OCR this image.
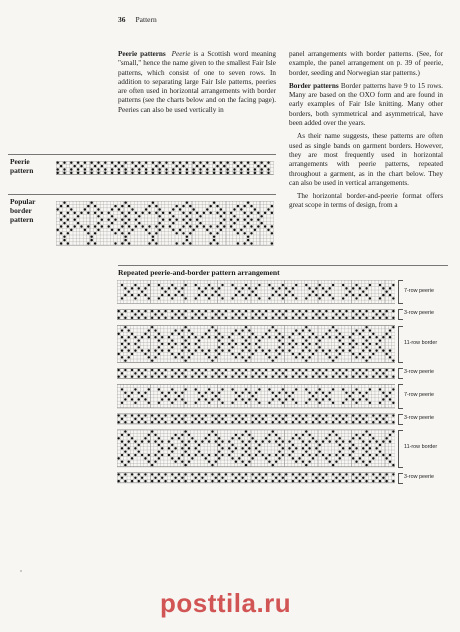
36 Pattern

Peerie patterns Peerie is a Scottish word meaning "small," hence the name given to the smallest Fair Isle patterns, which consist of one to seven rows. In addition to separating large Fair Isle patterns, peeries are often used in horizontal arrangements with border patterns (see the charts below and on the facing page). Peeries can also be used vertically in

panel arrangements with border patterns. (See, for example, the panel arrangement on p. 39 of peerie, border, seeding and Norwegian star patterns.)

Border patterns Border patterns have 9 to 15 rows. Many are based on the OXO form and are found in early examples of Fair Isle knitting. Many other borders, both symmetrical and asymmetrical, have been added over the years.

As their name suggests, these patterns are often used as single bands on garment borders. However, they are most frequently used in horizontal arrangements with peerie patterns, repeated throughout a garment, as in the chart below. They can also be used in vertical arrangements.

The horizontal border-and-peerie format offers great scope in terms of design, from a

Peerie pattern
Popular border pattern
Repeated peerie-and-border pattern arrangement
7-row peerie
3-row peerie
11-row border
3-row peerie
7-row peerie
3-row peerie
11-row border
3-row peerie
posttila.ru
